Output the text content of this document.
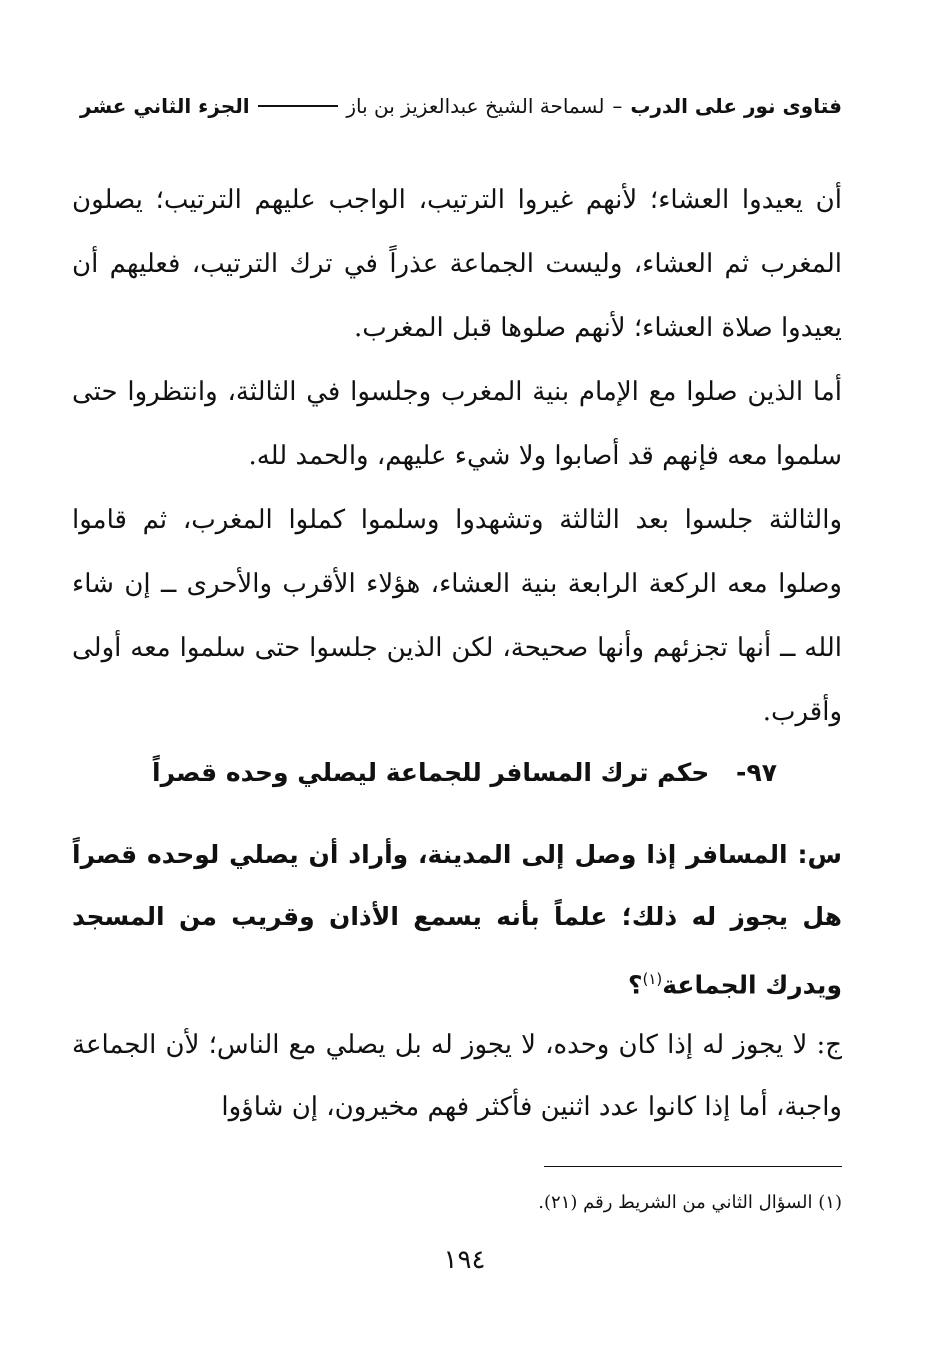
فتاوى نور على الدرب
–
لسماحة الشيخ عبدالعزيز بن باز
الجزء الثاني عشر

أن يعيدوا العشاء؛ لأنهم غيروا الترتيب، الواجب عليهم الترتيب؛ يصلون المغرب ثم العشاء، وليست الجماعة عذراً في ترك الترتيب، فعليهم أن يعيدوا صلاة العشاء؛ لأنهم صلوها قبل المغرب.

أما الذين صلوا مع الإمام بنية المغرب وجلسوا في الثالثة، وانتظروا حتى سلموا معه فإنهم قد أصابوا ولا شيء عليهم، والحمد لله.

والثالثة جلسوا بعد الثالثة وتشهدوا وسلموا كملوا المغرب، ثم قاموا وصلوا معه الركعة الرابعة بنية العشاء، هؤلاء الأقرب والأحرى ــ إن شاء الله ــ أنها تجزئهم وأنها صحيحة، لكن الذين جلسوا حتى سلموا معه أولى وأقرب.

٩٧- حكم ترك المسافر للجماعة ليصلي وحده قصراً
س: المسافر إذا وصل إلى المدينة، وأراد أن يصلي لوحده قصراً هل يجوز له ذلك؛ علماً بأنه يسمع الأذان وقريب من المسجد ويدرك الجماعة$^{(١)}$؟
ج: لا يجوز له إذا كان وحده، لا يجوز له بل يصلي مع الناس؛ لأن الجماعة واجبة، أما إذا كانوا عدد اثنين فأكثر فهم مخيرون، إن شاؤوا
(١) السؤال الثاني من الشريط رقم (٢١).
١٩٤
